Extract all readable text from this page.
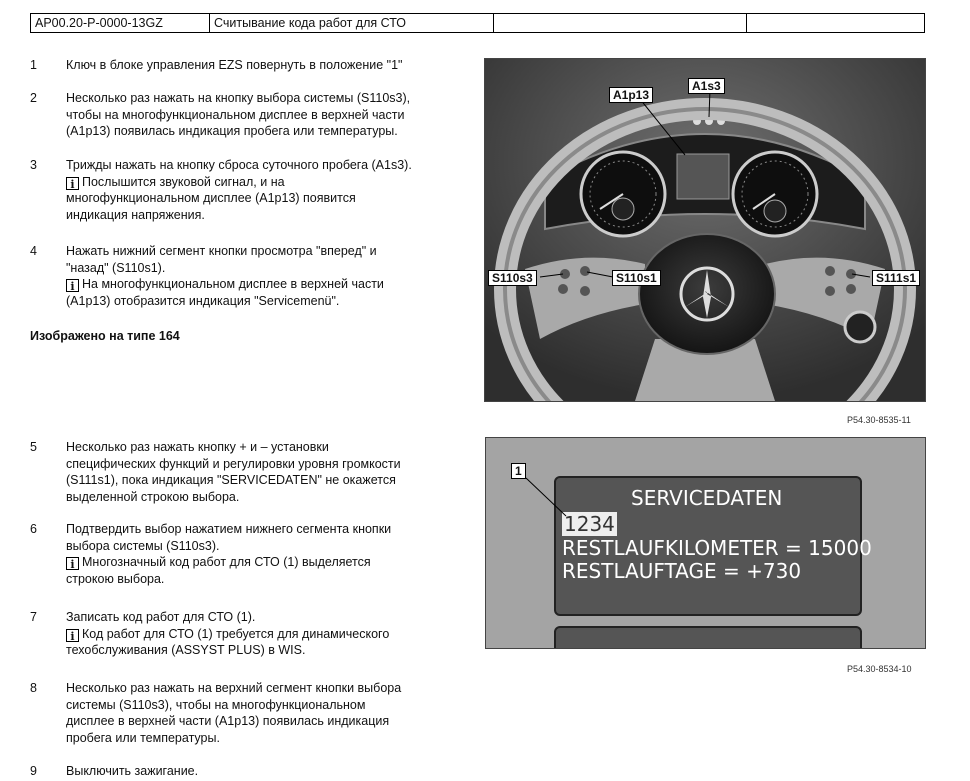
AP00.20-P-0000-13GZ	Считывание кода работ для СТО
1	Ключ в блоке управления EZS повернуть в положение "1"
2	Несколько раз нажать на кнопку выбора системы (S110s3),
чтобы на многофункциональном дисплее в верхней части
(A1p13) появилась индикация пробега или температуры.
3	Трижды нажать на кнопку сброса суточного пробега (A1s3).
i Послышится звуковой сигнал, и на
многофункциональном дисплее (A1p13) появится
индикация напряжения.
4	Нажать нижний сегмент кнопки просмотра "вперед" и
"назад" (S110s1).
i На многофункциональном дисплее в верхней части
(A1p13) отобразится индикация "Servicemenü".
Изображено на типе 164
5	Несколько раз нажать кнопку + и – установки
специфических функций и регулировки уровня громкости
(S111s1), пока индикация "SERVICEDATEN" не окажется
выделенной строкою выбора.
6	Подтвердить выбор нажатием нижнего сегмента кнопки
выбора системы (S110s3).
i Многозначный код работ для СТО (1) выделяется
строкою выбора.
7	Записать код работ для СТО (1).
i Код работ для СТО (1) требуется для динамического
техобслуживания (ASSYST PLUS) в WIS.
8	Несколько раз нажать на верхний сегмент кнопки выбора
системы (S110s3), чтобы на многофункциональном
дисплее в верхней части (A1p13) появилась индикация
пробега или температуры.
9	Выключить зажигание.
A1p13
A1s3
S110s3	S110s1	S111s1
P54.30-8535-11
SERVICEDATEN
1234
RESTLAUFKILOMETER = 15000
RESTLAUFTAGE = +730
1
P54.30-8534-10
